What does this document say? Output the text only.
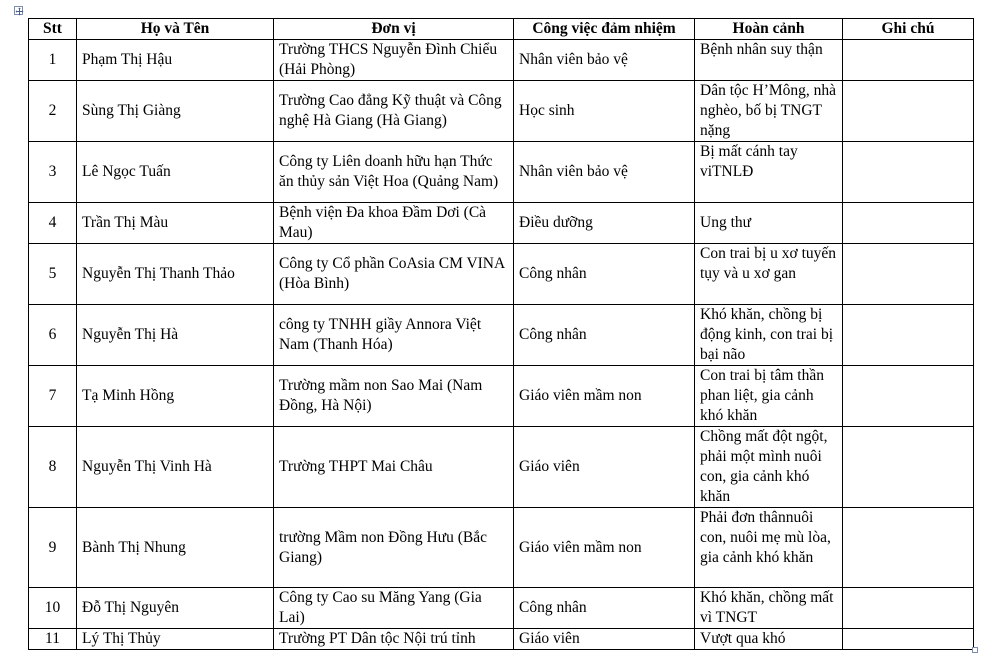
Stt	Họ và Tên	Đơn vị	Công việc đảm nhiệm	Hoàn cảnh	Ghi chú
1	Phạm Thị Hậu	Trường THCS Nguyễn Đình Chiểu (Hải Phòng)	Nhân viên bảo vệ	Bệnh nhân suy thận	
2	Sùng Thị Giàng	Trường Cao đẳng Kỹ thuật và Công nghệ Hà Giang (Hà Giang)	Học sinh	Dân tộc H’Mông, nhà nghèo, bố bị TNGT nặng	
3	Lê Ngọc Tuấn	Công ty Liên doanh hữu hạn Thức ăn thủy sản Việt Hoa (Quảng Nam)	Nhân viên bảo vệ	Bị mất cánh tay viTNLĐ	
4	Trần Thị Màu	Bệnh viện Đa khoa Đầm Dơi (Cà Mau)	Điều dưỡng	Ung thư	
5	Nguyễn Thị Thanh Thảo	Công ty Cổ phần CoAsia CM VINA (Hòa Bình)	Công nhân	Con trai bị u xơ tuyến tụy và u xơ gan	
6	Nguyễn Thị Hà	công ty TNHH giầy Annora Việt Nam (Thanh Hóa)	Công nhân	Khó khăn, chồng bị động kinh, con trai bị bại não	
7	Tạ Minh Hồng	Trường mầm non Sao Mai (Nam Đồng, Hà Nội)	Giáo viên mầm non	Con trai bị tâm thần phan liệt, gia cảnh khó khăn	
8	Nguyễn Thị Vinh Hà	Trường THPT Mai Châu	Giáo viên	Chồng mất đột ngột, phải một mình nuôi con, gia cảnh khó khăn	
9	Bành Thị Nhung	trường Mầm non Đồng Hưu (Bắc Giang)	Giáo viên mầm non	Phải đơn thânnuôi con, nuôi mẹ mù lòa, gia cảnh khó khăn	
10	Đỗ Thị Nguyên	Công ty Cao su Măng Yang (Gia Lai)	Công nhân	Khó khăn, chồng mất vì TNGT	
11	Lý Thị Thủy	Trường PT Dân tộc Nội trú tỉnh	Giáo viên	Vượt qua khó	
